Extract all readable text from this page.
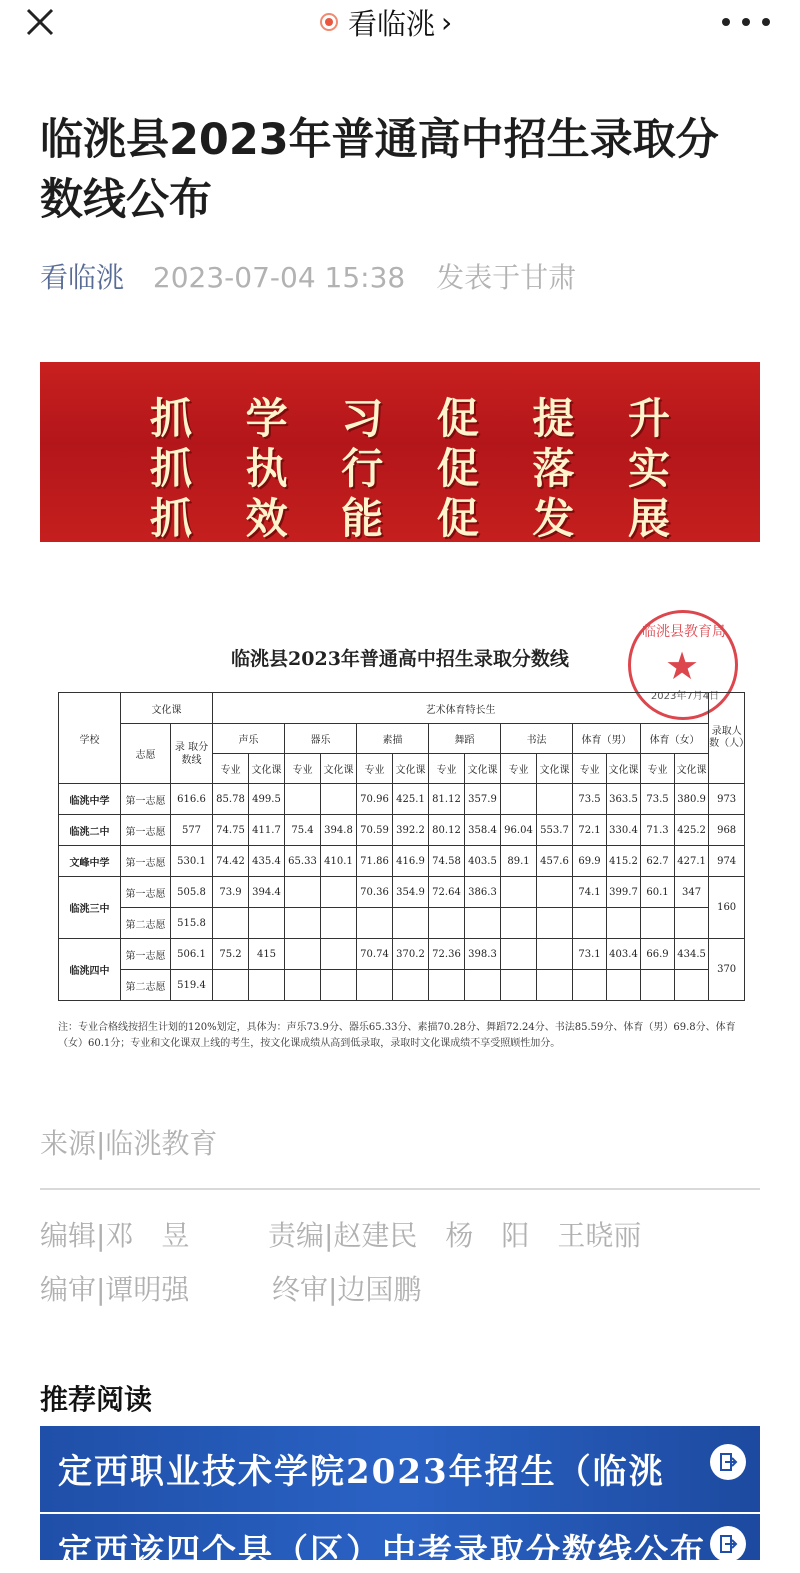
看临洮 ›
临洮县2023年普通高中招生录取分数线公布
看临洮 2023-07-04 15:38 发表于甘肃
抓 学 习 促 提 升
抓 执 行 促 落 实
抓 效 能 促 发 展
临洮县2023年普通高中招生录取分数线
临洮县教育局
★
2023年7月4日
学校	文化课		艺术体育特长生														录取人数（人）
	志愿	录 取分数线	声乐		器乐		素描		舞蹈		书法		体育（男）		体育（女）		
			专业	文化课	专业	文化课	专业	文化课	专业	文化课	专业	文化课	专业	文化课	专业	文化课	
临洮中学	第一志愿	616.6	85.78	499.5			70.96	425.1	81.12	357.9			73.5	363.5	73.5	380.9	973
临洮二中	第一志愿	577	74.75	411.7	75.4	394.8	70.59	392.2	80.12	358.4	96.04	553.7	72.1	330.4	71.3	425.2	968
文峰中学	第一志愿	530.1	74.42	435.4	65.33	410.1	71.86	416.9	74.58	403.5	89.1	457.6	69.9	415.2	62.7	427.1	974
临洮三中	第一志愿	505.8	73.9	394.4			70.36	354.9	72.64	386.3			74.1	399.7	60.1	347	160
	第二志愿	515.8															
临洮四中	第一志愿	506.1	75.2	415			70.74	370.2	72.36	398.3			73.1	403.4	66.9	434.5	370
	第二志愿	519.4															
注：专业合格线按招生计划的120%划定，具体为：声乐73.9分、器乐65.33分、素描70.28分、舞蹈72.24分、书法85.59分、体育（男）69.8分、体育（女）60.1分；专业和文化课双上线的考生，按文化课成绩从高到低录取，录取时文化课成绩不享受照顾性加分。
来源|临洮教育
编辑|邓　昱	责编|赵建民　杨　阳　王晓丽
编审|谭明强	终审|边国鹏
推荐阅读
定西职业技术学院2023年招生（临洮
定西该四个县（区）中考录取分数线公布
